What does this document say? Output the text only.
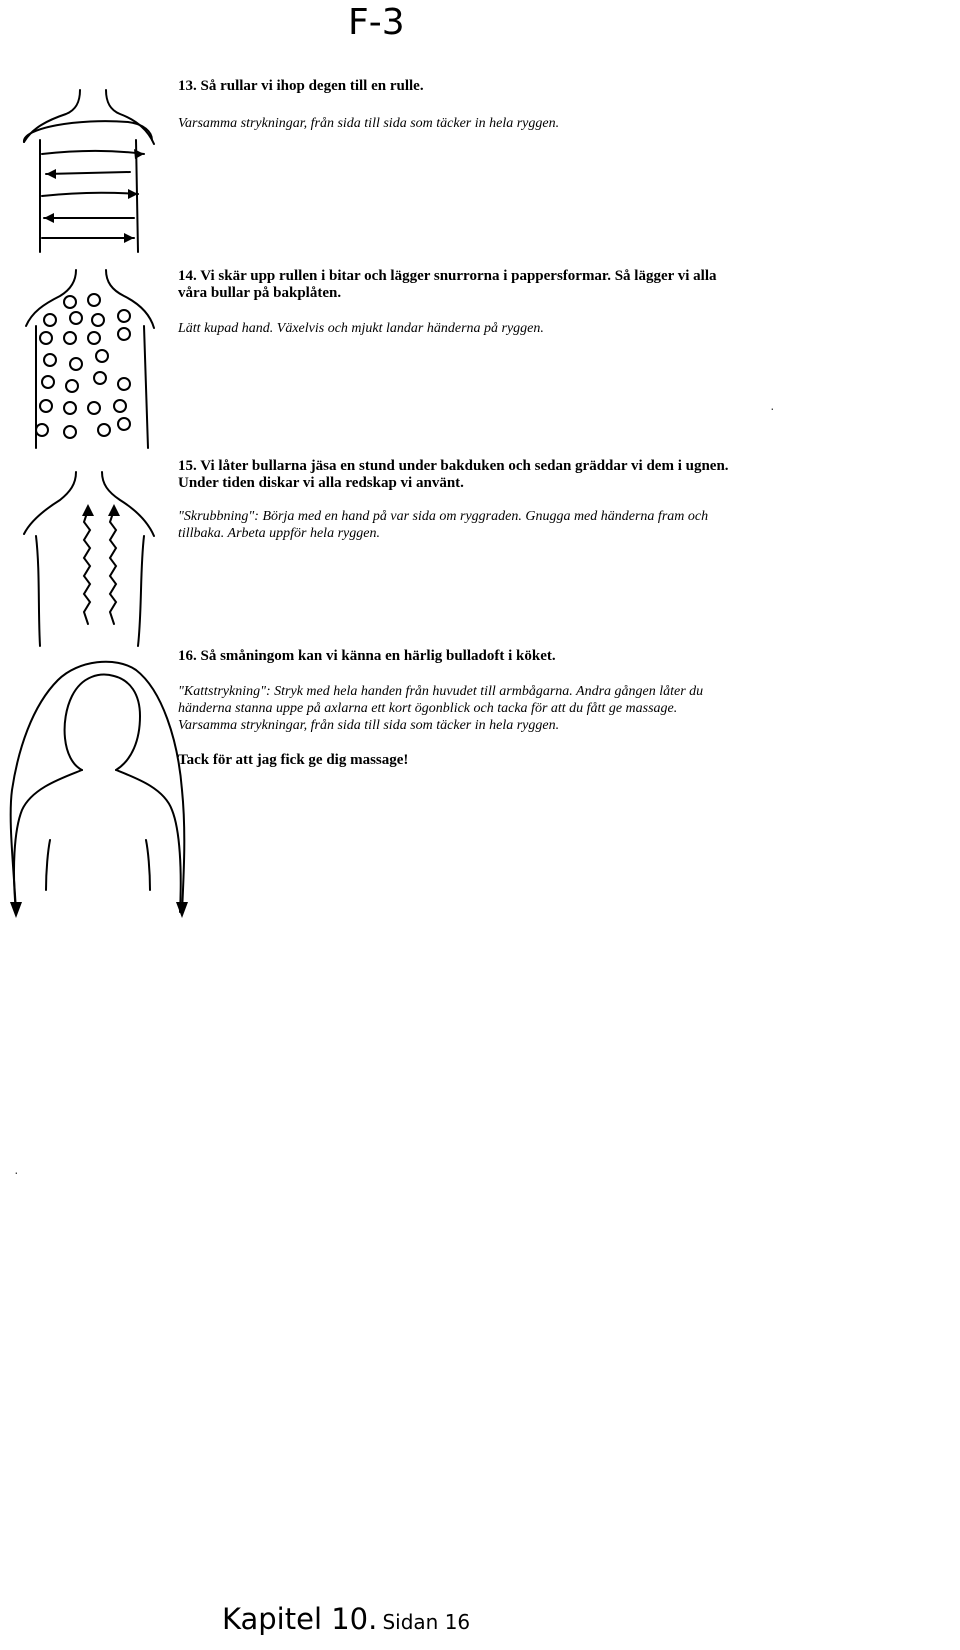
F-3

13. Så rullar vi ihop degen till en rulle.

Varsamma strykningar, från sida till sida som täcker in hela ryggen.

14. Vi skär upp rullen i bitar och lägger snurrorna i pappersformar. Så lägger vi alla våra bullar på bakplåten.

Lätt kupad hand. Växelvis och mjukt landar händerna på ryggen.

15. Vi låter bullarna jäsa en stund under bakduken och sedan gräddar vi dem i ugnen. Under tiden diskar vi alla redskap vi använt.

"Skrubbning": Börja med en hand på var sida om ryggraden. Gnugga med händerna fram och tillbaka. Arbeta uppför hela ryggen.

16. Så småningom kan vi känna en härlig bulladoft i köket.

"Kattstrykning": Stryk med hela handen från huvudet till armbågarna. Andra gången låter du händerna stanna uppe på axlarna ett kort ögonblick och tacka för att du fått ge massage.

Varsamma strykningar, från sida till sida som täcker in hela ryggen.

Tack för att jag fick ge dig massage!

·
·
Kapitel 10. Sidan 16
